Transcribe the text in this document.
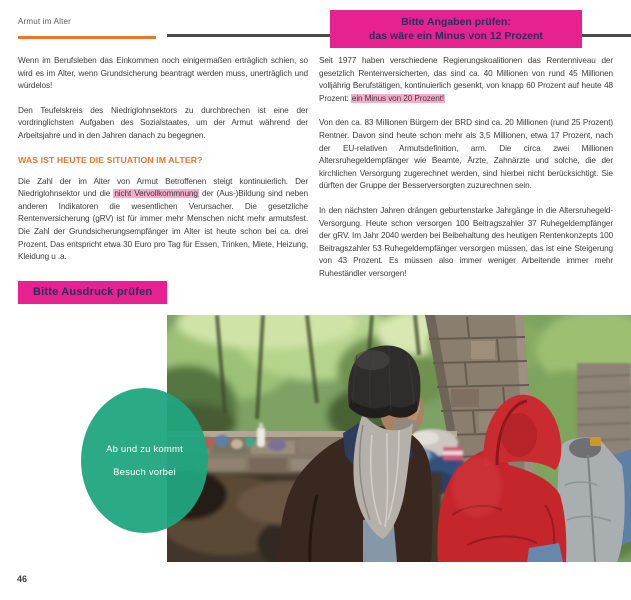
Armut im Alter	Bitte Angaben prüfen:
das wäre ein Minus von 12 Prozent

Wenn im Berufsleben das Einkommen noch einigermaßen erträglich schien, so wird es im Alter, wenn Grundsicherung beantragt werden muss, unerträglich und würdelos!

Den Teufelskreis des Niedriglohnsektors zu durchbrechen ist eine der vordringlichsten Aufgaben des Sozialstaates, um der Armut während der Arbeitsjahre und in den Jahren danach zu begegnen.

WAS IST HEUTE DIE SITUATION IM ALTER?

Die Zahl der im Alter von Armut Betroffenen steigt kontinuierlich. Der Niedriglohnsektor und die nicht Vervollkommnung der (Aus-)Bildung sind neben anderen Indikatoren die wesentlichen Verursacher. Die gesetzliche Rentenversicherung (gRV) ist für immer mehr Menschen nicht mehr armutsfest. Die Zahl der Grundsicherungsempfänger im Alter ist heute schon bei ca. drei Prozent. Das entspricht etwa 30 Euro pro Tag für Essen, Trinken, Miete, Heizung, Kleidung u .a.

Bitte Ausdruck prüfen

Seit 1977 haben verschiedene Regierungskoalitionen das Rentenniveau der gesetzlich Rentenversicherten, das sind ca. 40 Millionen von rund 45 Millionen volljährig Berufstätigen, kontinuierlich gesenkt, von knapp 60 Prozent auf heute 48 Prozent: ein Minus von 20 Prozent!

Von den ca. 83 Millionen Bürgern der BRD sind ca. 20 Millionen (rund 25 Prozent) Rentner. Davon sind heute schon mehr als 3,5 Millionen, etwa 17 Prozent, nach der EU-relativen Armutsdefinition, arm. Die circa zwei Millionen Altersruhegeldempfänger wie Beamte, Ärzte, Zahnärzte und solche, die der kirchlichen Versorgung zugerechnet werden, sind hierbei nicht berücksichtigt. Sie dürften der Gruppe der Besserversorgten zuzurechnen sein.

In den nächsten Jahren drängen geburtenstarke Jahrgänge in die Altersruhegeld-Versorgung. Heute schon versorgen 100 Beitragszahler 37 Ruhegeldempfänger der gRV. Im Jahr 2040 werden bei Beibehaltung des heutigen Rentenkonzepts 100 Beitragszahler 53 Ruhegeldempfänger versorgen müssen, das ist eine Steigerung von 43 Prozent. Es müssen also immer weniger Arbeitende immer mehr Ruheständler versorgen!

Ab und zu kommt
Besuch vorbei
46
